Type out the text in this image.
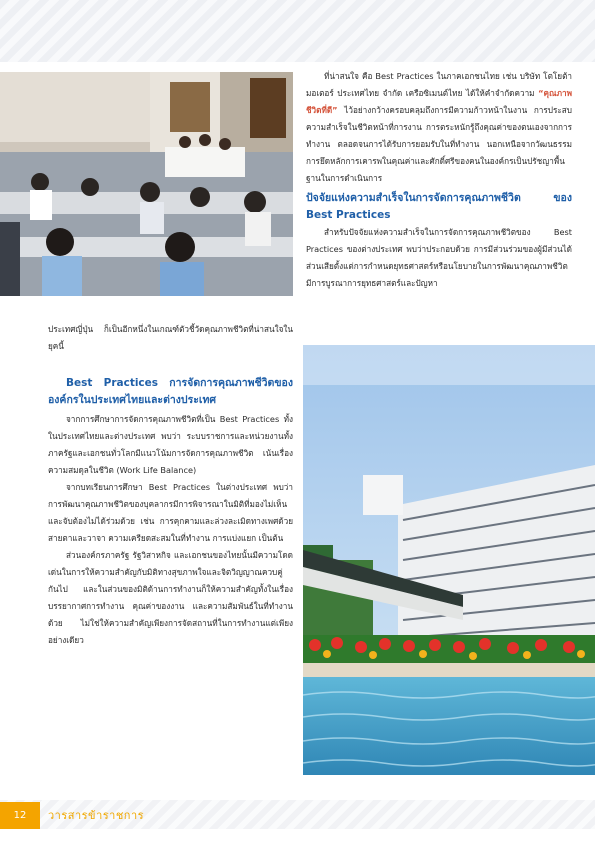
ที่น่าสนใจ คือ Best Practices ในภาคเอกชนไทย เช่น บริษัท โตโยต้า มอเตอร์ ประเทศไทย จำกัด เครือซิเมนต์ไทย ได้ให้คำจำกัดความ “คุณภาพชีวิตที่ดี” ไว้อย่างกว้างครอบคลุมถึงการมีความก้าวหน้าในงาน การประสบความสำเร็จในชีวิตหน้าที่การงาน การตระหนักรู้ถึงคุณค่าของตนเองจากการทำงาน ตลอดจนการได้รับการยอมรับในที่ทำงาน นอกเหนือจากวัฒนธรรมการยึดหลักการเคารพในคุณค่าและศักดิ์ศรีของคนในองค์กรเป็นปรัชญาพื้นฐานในการดำเนินการ

ปัจจัยแห่งความสำเร็จในการจัดการคุณภาพชีวิต ของ Best Practices

สำหรับปัจจัยแห่งความสำเร็จในการจัดการคุณภาพชีวิตของ Best Practices ของต่างประเทศ พบว่าประกอบด้วย การมีส่วนร่วมของผู้มีส่วนได้ส่วนเสียตั้งแต่การกำหนดยุทธศาสตร์หรือนโยบายในการพัฒนาคุณภาพชีวิต มีการบูรณาการยุทธศาสตร์และปัญหา

ประเทศญี่ปุ่น ก็เป็นอีกหนึ่งในเกณฑ์ตัวชี้วัดคุณภาพชีวิตที่น่าสนใจในยุคนี้

Best Practices การจัดการคุณภาพชีวิตขององค์กรในประเทศไทยและต่างประเทศ

จากการศึกษาการจัดการคุณภาพชีวิตที่เป็น Best Practices ทั้งในประเทศไทยและต่างประเทศ พบว่า ระบบราชการและหน่วยงานทั้งภาครัฐและเอกชนทั่วโลกมีแนวโน้มการจัดการคุณภาพชีวิต เน้นเรื่องความสมดุลในชีวิต (Work Life Balance)

จากบทเรียนการศึกษา Best Practices ในต่างประเทศ พบว่า การพัฒนาคุณภาพชีวิตของบุคลากรมีการพิจารณาในมิติที่มองไม่เห็นและจับต้องไม่ได้ร่วมด้วย เช่น การคุกคามและล่วงละเมิดทางเพศด้วยสายตาและวาจา ความเครียดสะสมในที่ทำงาน การแบ่งแยก เป็นต้น

ส่วนองค์กรภาครัฐ รัฐวิสาหกิจ และเอกชนของไทยนั้นมีความโดดเด่นในการให้ความสำคัญกับมิติทางสุขภาพใจและจิตวิญญาณควบคู่กันไป และในส่วนของมิติด้านการทำงานก็ให้ความสำคัญทั้งในเรื่องบรรยากาศการทำงาน คุณค่าของงาน และความสัมพันธ์ในที่ทำงานด้วย ไม่ใช่ให้ความสำคัญเพียงการจัดสถานที่ในการทำงานแต่เพียงอย่างเดียว

12	วารสารข้าราชการ
